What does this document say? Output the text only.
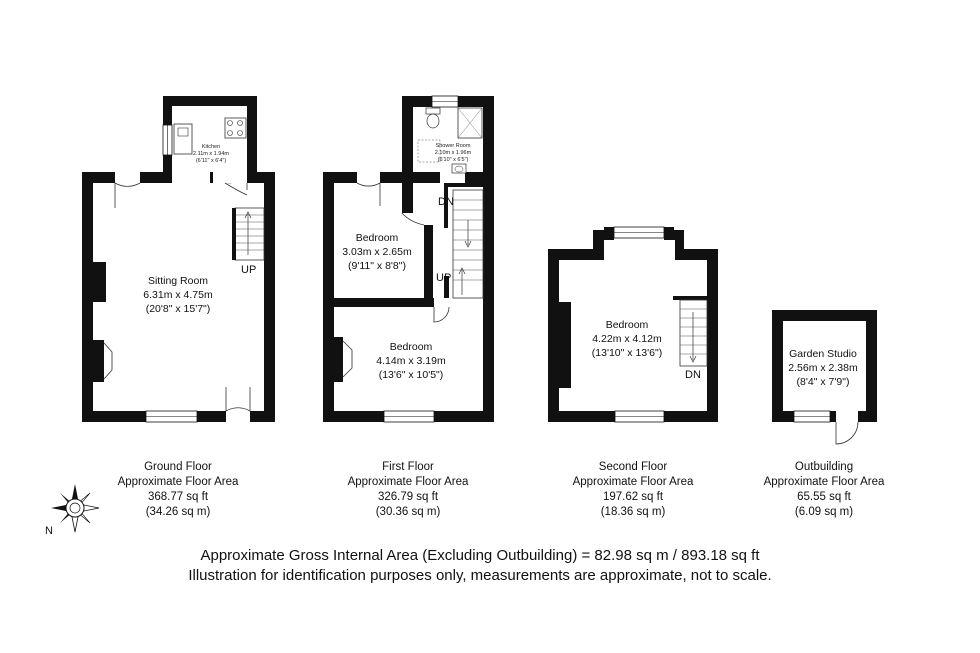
Sitting Room
6.31m x 4.75m
(20'8" x 15'7")
Kitchen
2.11m x 1.94m
(6'11" x 6'4")
Shower Room
2.10m x 1.96m
(6'10" x 6'5")
Bedroom
3.03m x 2.65m
(9'11" x 8'8")
Bedroom
4.14m x 3.19m
(13'6" x 10'5")
Bedroom
4.22m x 4.12m
(13'10" x 13'6")	Garden Studio
2.56m x 2.38m
(8'4" x 7'9")
UP
DN
UP
DN
Ground Floor
Approximate Floor Area
368.77 sq ft
(34.26 sq m)
First Floor
Approximate Floor Area
326.79 sq ft
(30.36 sq m)
Second Floor
Approximate Floor Area
197.62 sq ft
(18.36 sq m)
Outbuilding
Approximate Floor Area
65.55 sq ft
(6.09 sq m)
N
Approximate Gross Internal Area (Excluding Outbuilding) = 82.98 sq m / 893.18 sq ft
Illustration for identification purposes only, measurements are approximate, not to scale.
